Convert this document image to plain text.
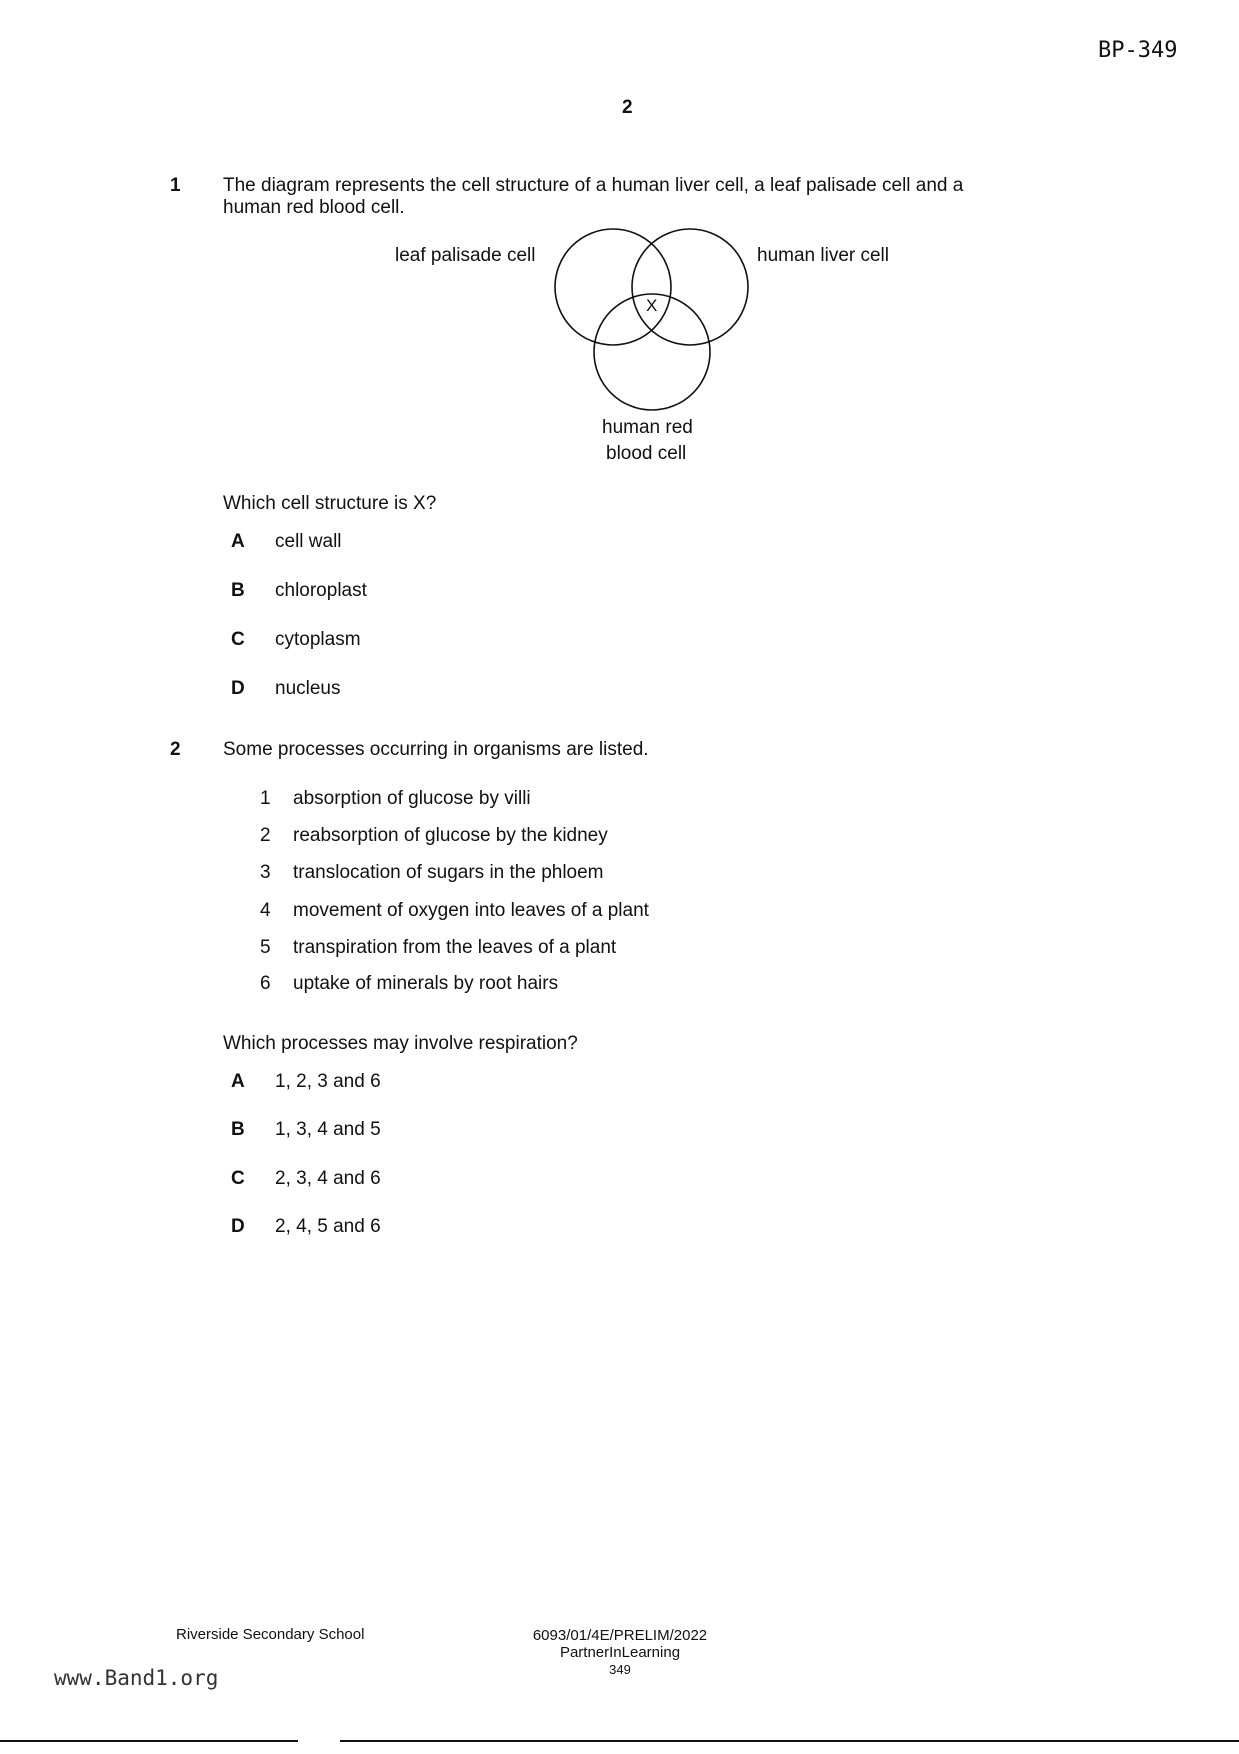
BP-349
2
1 The diagram represents the cell structure of a human liver cell, a leaf palisade cell and a
human red blood cell.
X
leaf palisade cell	human liver cell
human red
blood cell
Which cell structure is X?
A cell wall
B chloroplast
C cytoplasm
D nucleus
2 Some processes occurring in organisms are listed.
1 absorption of glucose by villi
2 reabsorption of glucose by the kidney
3 translocation of sugars in the phloem
4 movement of oxygen into leaves of a plant
5 transpiration from the leaves of a plant
6 uptake of minerals by root hairs
Which processes may involve respiration?
A 1, 2, 3 and 6
B 1, 3, 4 and 5
C 2, 3, 4 and 6
D 2, 4, 5 and 6
Riverside Secondary School	6093/01/4E/PRELIM/2022
PartnerInLearning
349
www.Band1.org
